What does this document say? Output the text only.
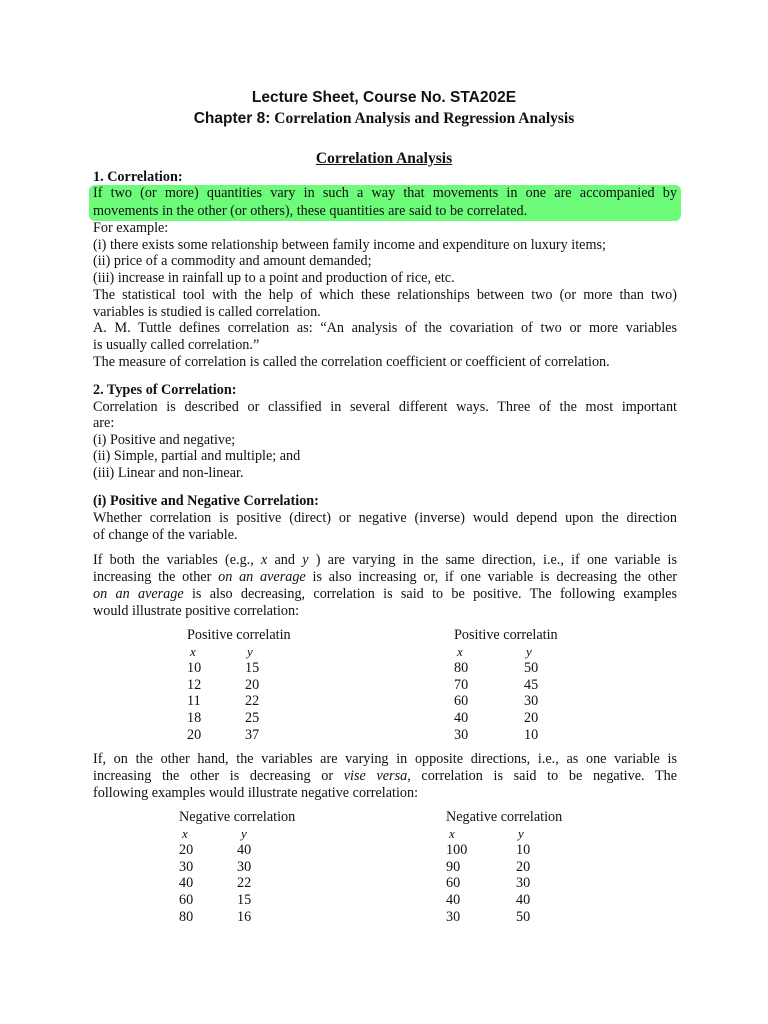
Lecture Sheet, Course No. STA202E
Chapter 8: Correlation Analysis and Regression Analysis
Correlation Analysis
1. Correlation:
If two (or more) quantities vary in such a way that movements in one are accompanied by
movements in the other (or others), these quantities are said to be correlated.
For example:
(i) there exists some relationship between family income and expenditure on luxury items;
(ii) price of a commodity and amount demanded;
(iii) increase in rainfall up to a point and production of rice, etc.
The statistical tool with the help of which these relationships between two (or more than two)
variables is studied is called correlation.
A. M. Tuttle defines correlation as: “An analysis of the covariation of two or more variables
is usually called correlation.”
The measure of correlation is called the correlation coefficient or coefficient of correlation.
2. Types of Correlation:
Correlation is described or classified in several different ways. Three of the most important
are:
(i) Positive and negative;
(ii) Simple, partial and multiple; and
(iii) Linear and non-linear.
(i) Positive and Negative Correlation:
Whether correlation is positive (direct) or negative (inverse) would depend upon the direction
of change of the variable.
If both the variables (e.g., x and y ) are varying in the same direction, i.e., if one variable is
increasing the other on an average is also increasing or, if one variable is decreasing the other
on an average is also decreasing, correlation is said to be positive. The following examples
would illustrate positive correlation:
Positive correlatin
x	y
10	15
12	20
11	22
18	25
20	37
Positive correlatin
x	y
80	50
70	45
60	30
40	20
30	10
If, on the other hand, the variables are varying in opposite directions, i.e., as one variable is
increasing the other is decreasing or vise versa, correlation is said to be negative. The
following examples would illustrate negative correlation:
Negative correlation
x	y
20	40
30	30
40	22
60	15
80	16
Negative correlation
x	y
100	10
90	20
60	30
40	40
30	50
